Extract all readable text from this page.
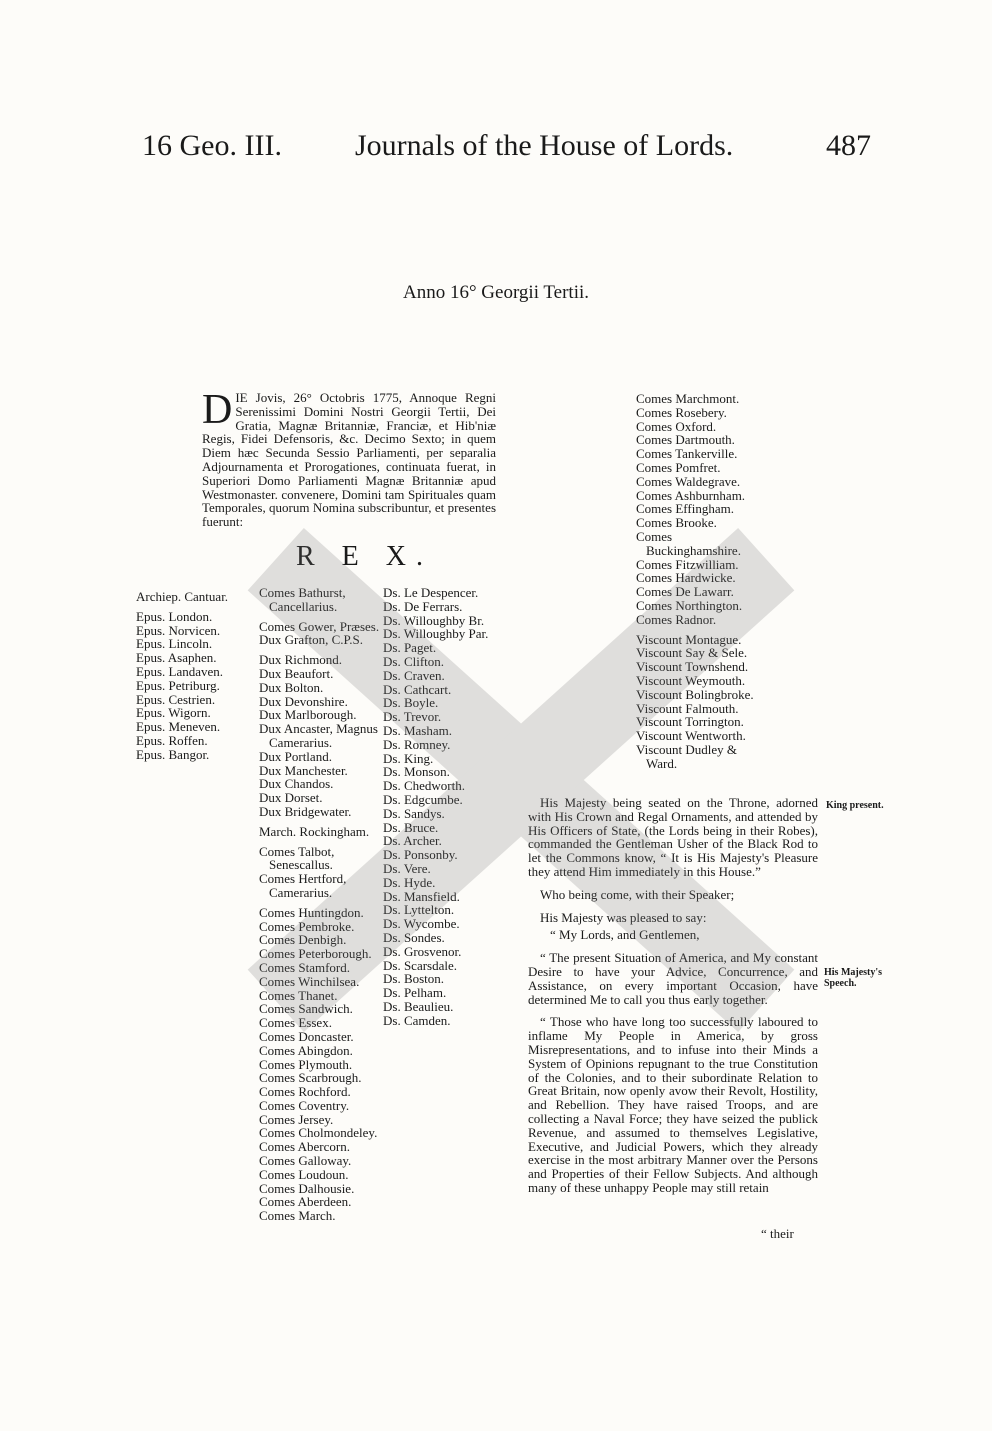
16 Geo. III. Journals of the House of Lords.	487
Anno 16° Georgii Tertii.
DIE Jovis, 26° Octobris 1775, Annoque Regni Serenissimi Domini Nostri Georgii Tertii, Dei Gratia, Magnæ Britanniæ, Franciæ, et Hib'niæ Regis, Fidei Defensoris, &c. Decimo Sexto; in quem Diem hæc Secunda Sessio Parliamenti, per separalia Adjournamenta et Prorogationes, continuata fuerat, in Superiori Domo Parliamenti Magnæ Britanniæ apud Westmonaster. convenere, Domini tam Spirituales quam Temporales, quorum Nomina subscribuntur, et presentes fuerunt:
R E X.
Archiep. Cantuar.
Epus. London.
Epus. Norvicen.
Epus. Lincoln.
Epus. Asaphen.
Epus. Landaven.
Epus. Petriburg.
Epus. Cestrien.
Epus. Wigorn.
Epus. Meneven.
Epus. Roffen.
Epus. Bangor.
Comes Bathurst, Cancellarius.
Comes Gower, Præses.
Dux Grafton, C.P.S.
Dux Richmond.
Dux Beaufort.
Dux Bolton.
Dux Devonshire.
Dux Marlborough.
Dux Ancaster, Magnus Camerarius.
Dux Portland.
Dux Manchester.
Dux Chandos.
Dux Dorset.
Dux Bridgewater.
March. Rockingham.
Comes Talbot, Senescallus.
Comes Hertford, Camerarius.
Comes Huntingdon.
Comes Pembroke.
Comes Denbigh.
Comes Peterborough.
Comes Stamford.
Comes Winchilsea.
Comes Thanet.
Comes Sandwich.
Comes Essex.
Comes Doncaster.
Comes Abingdon.
Comes Plymouth.
Comes Scarbrough.
Comes Rochford.
Comes Coventry.
Comes Jersey.
Comes Cholmondeley.
Comes Abercorn.
Comes Galloway.
Comes Loudoun.
Comes Dalhousie.
Comes Aberdeen.
Comes March.
Ds. Le Despencer.
Ds. De Ferrars.
Ds. Willoughby Br.
Ds. Willoughby Par.
Ds. Paget.
Ds. Clifton.
Ds. Craven.
Ds. Cathcart.
Ds. Boyle.
Ds. Trevor.
Ds. Masham.
Ds. Romney.
Ds. King.
Ds. Monson.
Ds. Chedworth.
Ds. Edgcumbe.
Ds. Sandys.
Ds. Bruce.
Ds. Archer.
Ds. Ponsonby.
Ds. Vere.
Ds. Hyde.
Ds. Mansfield.
Ds. Lyttelton.
Ds. Wycombe.
Ds. Sondes.
Ds. Grosvenor.
Ds. Scarsdale.
Ds. Boston.
Ds. Pelham.
Ds. Beaulieu.
Ds. Camden.
Comes Marchmont.
Comes Rosebery.
Comes Oxford.
Comes Dartmouth.
Comes Tankerville.
Comes Pomfret.
Comes Waldegrave.
Comes Ashburnham.
Comes Effingham.
Comes Brooke.
Comes Buckinghamshire.
Comes Fitzwilliam.
Comes Hardwicke.
Comes De Lawarr.
Comes Northington.
Comes Radnor.
Viscount Montague.
Viscount Say & Sele.
Viscount Townshend.
Viscount Weymouth.
Viscount Bolingbroke.
Viscount Falmouth.
Viscount Torrington.
Viscount Wentworth.
Viscount Dudley & Ward.

His Majesty being seated on the Throne, adorned with His Crown and Regal Ornaments, and attended by His Officers of State, (the Lords being in their Robes), commanded the Gentleman Usher of the Black Rod to let the Commons know, “ It is His Majesty's Pleasure they attend Him immediately in this House.”

Who being come, with their Speaker;

His Majesty was pleased to say:

“ My Lords, and Gentlemen,

“ The present Situation of America, and My constant Desire to have your Advice, Concurrence, and Assistance, on every important Occasion, have determined Me to call you thus early together.

“ Those who have long too successfully laboured to inflame My People in America, by gross Misrepresentations, and to infuse into their Minds a System of Opinions repugnant to the true Constitution of the Colonies, and to their subordinate Relation to Great Britain, now openly avow their Revolt, Hostility, and Rebellion. They have raised Troops, and are collecting a Naval Force; they have seized the publick Revenue, and assumed to themselves Legislative, Executive, and Judicial Powers, which they already exercise in the most arbitrary Manner over the Persons and Properties of their Fellow Subjects. And although many of these unhappy People may still retain

King present.
His Majesty's Speech.
“ their
